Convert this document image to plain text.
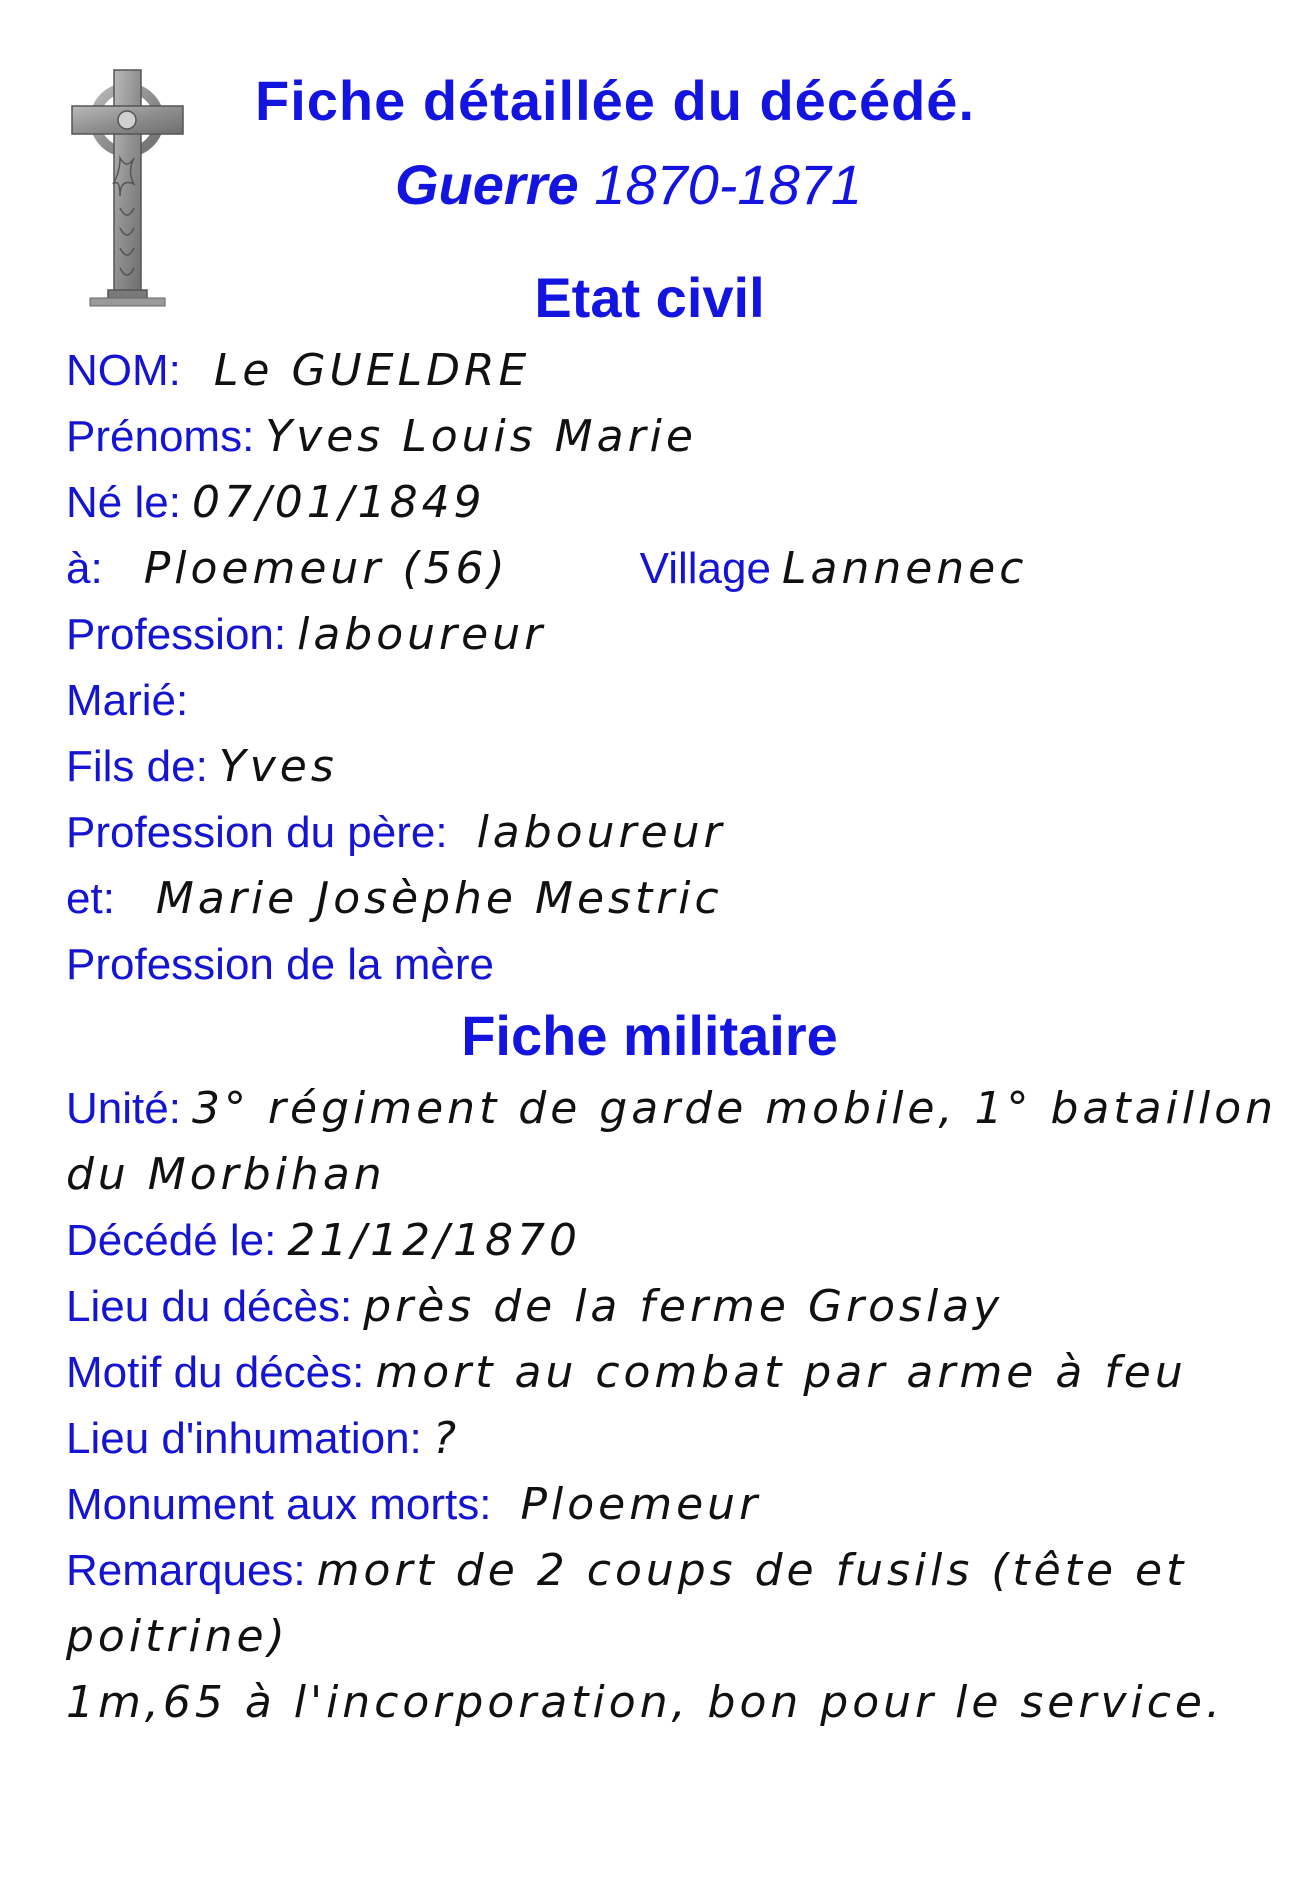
Fiche détaillée du décédé.
Guerre 1870-1871
Etat civil
NOM: Le GUELDRE
Prénoms: Yves Louis Marie
Né le: 07/01/1849
à: Ploemeur (56)	Village Lannenec
Profession: laboureur
Marié:
Fils de: Yves
Profession du père: laboureur
et: Marie Josèphe Mestric
Profession de la mère
Fiche militaire
Unité: 3° régiment de garde mobile, 1° bataillon
du Morbihan
Décédé le: 21/12/1870
Lieu du décès: près de la ferme Groslay
Motif du décès: mort au combat par arme à feu
Lieu d'inhumation: ?
Monument aux morts: Ploemeur
Remarques: mort de 2 coups de fusils (tête et
poitrine)
1m,65 à l'incorporation, bon pour le service.
